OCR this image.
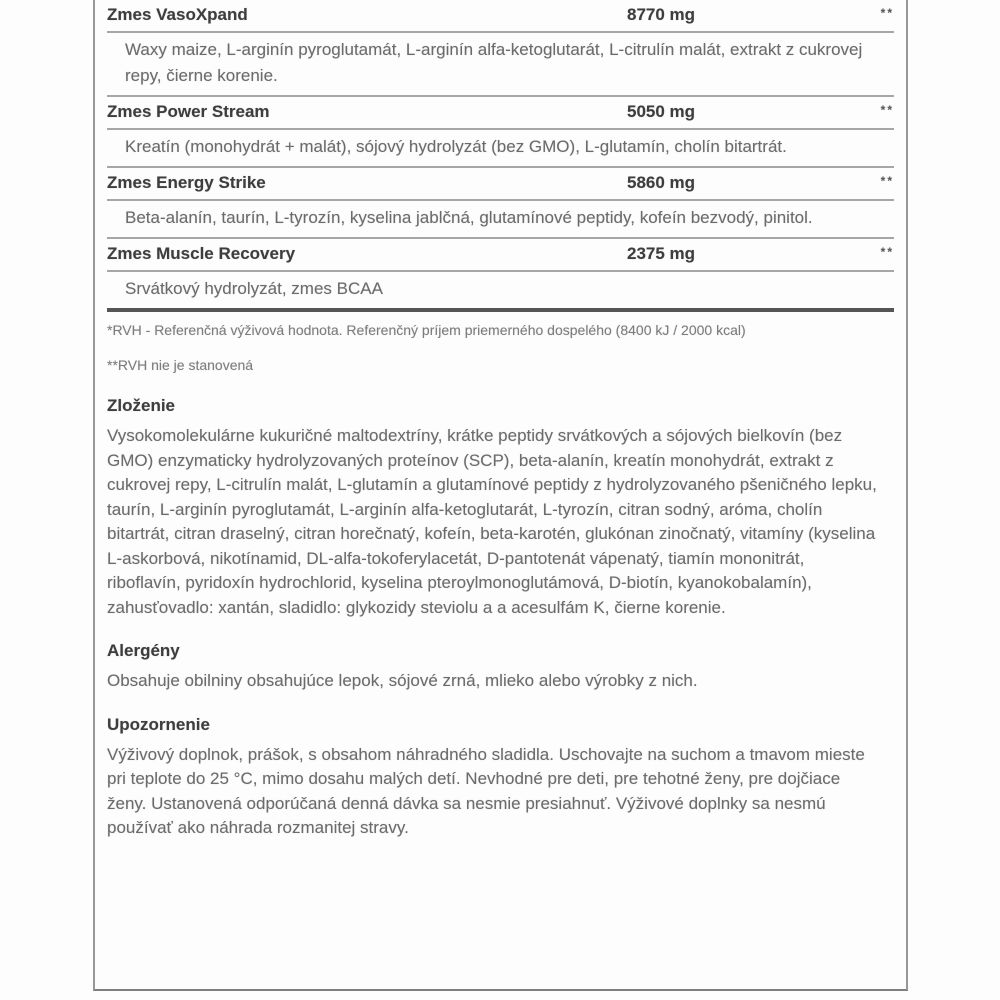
Zmes VasoXpand	8770 mg	**
Waxy maize, L-arginín pyroglutamát, L-arginín alfa-ketoglutarát, L-citrulín malát, extrakt z cukrovej repy, čierne korenie.
Zmes Power Stream	5050 mg	**
Kreatín (monohydrát + malát), sójový hydrolyzát (bez GMO), L-glutamín, cholín bitartrát.
Zmes Energy Strike	5860 mg	**
Beta-alanín, taurín, L-tyrozín, kyselina jablčná, glutamínové peptidy, kofeín bezvodý, pinitol.
Zmes Muscle Recovery	2375 mg	**
Srvátkový hydrolyzát, zmes BCAA
*RVH - Referenčná výživová hodnota. Referenčný príjem priemerného dospelého (8400 kJ / 2000 kcal)
**RVH nie je stanovená
Zloženie
Vysokomolekulárne kukuričné maltodextríny, krátke peptidy srvátkových a sójových bielkovín (bez GMO) enzymaticky hydrolyzovaných proteínov (SCP), beta-alanín, kreatín monohydrát, extrakt z cukrovej repy, L-citrulín malát, L-glutamín a glutamínové peptidy z hydrolyzovaného pšeničného lepku, taurín, L-arginín pyroglutamát, L-arginín alfa-ketoglutarát, L-tyrozín, citran sodný, aróma, cholín bitartrát, citran draselný, citran horečnatý, kofeín, beta-karotén, glukónan zinočnatý, vitamíny (kyselina L-askorbová, nikotínamid, DL-alfa-tokoferylacetát, D-pantotenát vápenatý, tiamín mononitrát, riboflavín, pyridoxín hydrochlorid, kyselina pteroylmonoglutámová, D-biotín, kyanokobalamín), zahusťovadlo: xantán, sladidlo: glykozidy steviolu a a acesulfám K, čierne korenie.
Alergény
Obsahuje obilniny obsahujúce lepok, sójové zrná, mlieko alebo výrobky z nich.
Upozornenie
Výživový doplnok, prášok, s obsahom náhradného sladidla. Uschovajte na suchom a tmavom mieste pri teplote do 25 °C, mimo dosahu malých detí. Nevhodné pre deti, pre tehotné ženy, pre dojčiace ženy. Ustanovená odporúčaná denná dávka sa nesmie presiahnuť. Výživové doplnky sa nesmú používať ako náhrada rozmanitej stravy.
